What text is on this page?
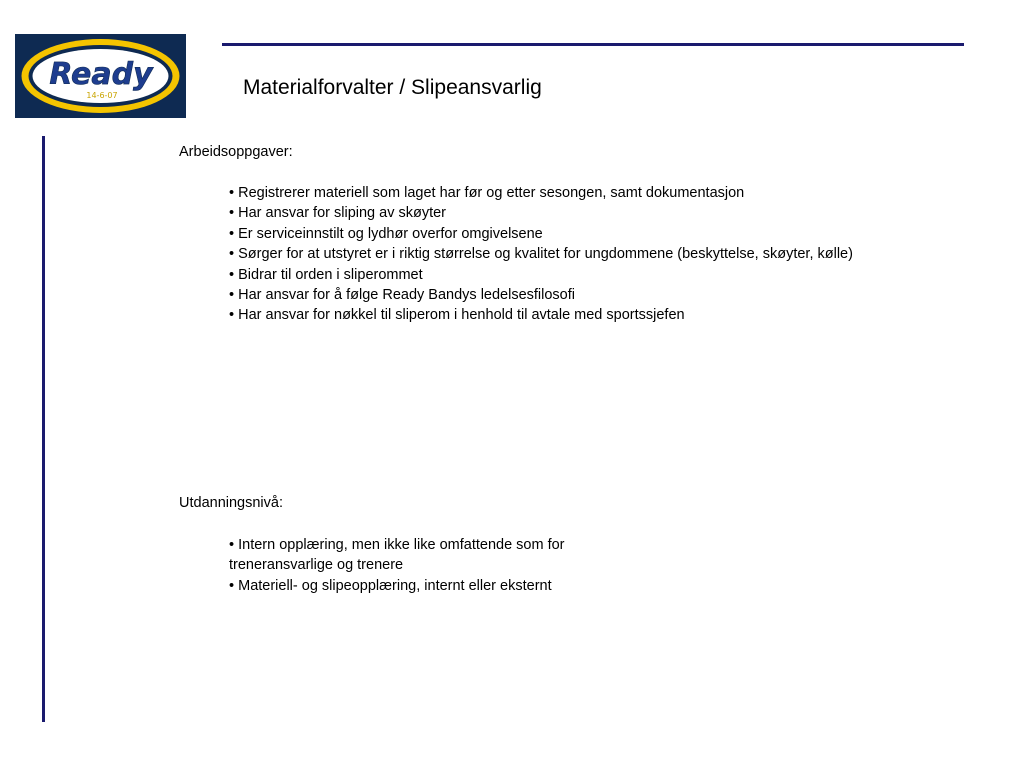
Ready
14-6-07	Materialforvalter / Slipeansvarlig
Arbeidsoppgaver:
• Registrerer materiell som laget har før og etter sesongen, samt dokumentasjon
• Har ansvar for sliping av skøyter
• Er serviceinnstilt og lydhør overfor omgivelsene
• Sørger for at utstyret er i riktig størrelse og kvalitet for ungdommene (beskyttelse, skøyter, kølle)
• Bidrar til orden i sliperommet
• Har ansvar for å følge Ready Bandys ledelsesfilosofi
• Har ansvar for nøkkel til sliperom i henhold til avtale med sportssjefen
Utdanningsnivå:
• Intern opplæring, men ikke like omfattende som for treneransvarlige og trenere
• Materiell- og slipeopplæring, internt eller eksternt
